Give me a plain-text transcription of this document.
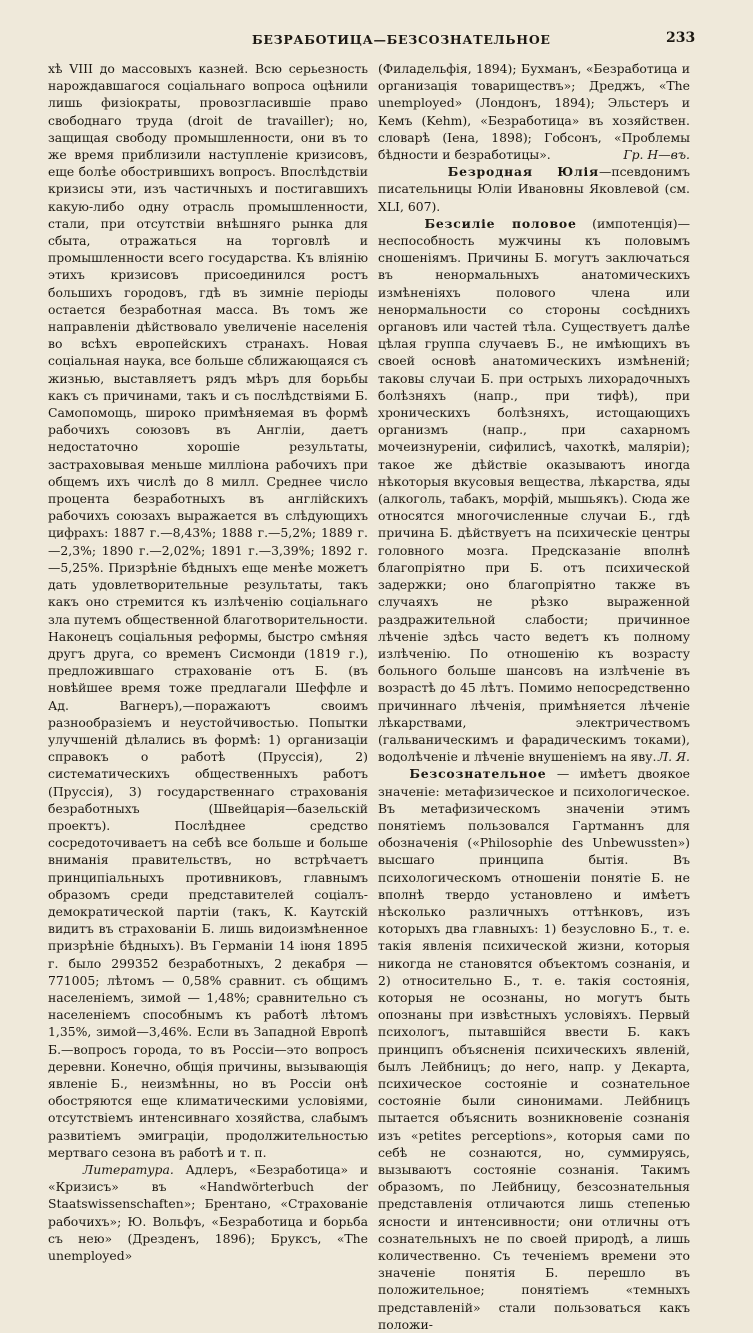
БЕЗРАБОТИЦА—БЕЗСОЗНАТЕЛЬНОЕ	233

хѣ VIII до массовыхъ казней. Всю серьезность нарождавшагося соціальнаго вопроса оцѣнили лишь физіократы, провозгласившіе право свободнаго труда (droit de travailler); но, защищая свободу промышленности, они въ то же время приблизили наступленіе кризисовъ, еще болѣе обострившихъ вопросъ. Впослѣдствіи кризисы эти, изъ частичныхъ и постигавшихъ какую-либо одну отрасль промышленности, стали, при отсутствіи внѣшняго рынка для сбыта, отражаться на торговлѣ и промышленности всего государства. Къ вліянію этихъ кризисовъ присоединился ростъ большихъ городовъ, гдѣ въ зимніе періоды остается безработная масса. Въ томъ же направленіи дѣйствовало увеличеніе населенія во всѣхъ европейскихъ странахъ. Новая соціальная наука, все больше сближающаяся съ жизнью, выставляетъ рядъ мѣръ для борьбы какъ съ причинами, такъ и съ послѣдствіями Б. Самопомощь, широко примѣняемая въ формѣ рабочихъ союзовъ въ Англіи, даетъ недостаточно хорошіе результаты, застраховывая меньше милліона рабочихъ при общемъ ихъ числѣ до 8 милл. Среднее число процента безработныхъ въ англійскихъ рабочихъ союзахъ выражается въ слѣдующихъ цифрахъ: 1887 г.—8,43%; 1888 г.—5,2%; 1889 г.—2,3%; 1890 г.—2,02%; 1891 г.—3,39%; 1892 г.—5,25%. Призрѣніе бѣдныхъ еще менѣе можетъ дать удовлетворительные результаты, такъ какъ оно стремится къ излѣченію соціальнаго зла путемъ общественной благотворительности. Наконецъ соціальныя реформы, быстро смѣняя другъ друга, со временъ Сисмонди (1819 г.), предложившаго страхованіе отъ Б. (въ новѣйшее время тоже предлагали Шеффле и Ад. Вагнеръ),—поражаютъ своимъ разнообразіемъ и неустойчивостью. Попытки улучшеній дѣлались въ формѣ: 1) организаціи справокъ о работѣ (Пруссія), 2) систематическихъ общественныхъ работъ (Пруссія), 3) государственнаго страхованія безработныхъ (Швейцарія—базельскій проектъ). Послѣднее средство сосредоточиваетъ на себѣ все больше и больше вниманія правительствъ, но встрѣчаетъ принципіальныхъ противниковъ, главнымъ образомъ среди представителей соціалъ-демократической партіи (такъ, К. Каутскій видитъ въ страхованіи Б. лишь видоизмѣненное призрѣніе бѣдныхъ). Въ Германіи 14 іюня 1895 г. было 299352 безработныхъ, 2 декабря — 771005; лѣтомъ — 0,58% сравнит. съ общимъ населеніемъ, зимой — 1,48%; сравнительно съ населеніемъ способнымъ къ работѣ лѣтомъ 1,35%, зимой—3,46%. Если въ Западной Европѣ Б.—вопросъ города, то въ Россіи—это вопросъ деревни. Конечно, общія причины, вызывающія явленіе Б., неизмѣнны, но въ Россіи онѣ обостряются еще климатическими условіями, отсутствіемъ интенсивнаго хозяйства, слабымъ развитіемъ эмиграціи, продолжительностью мертваго сезона въ работѣ и т. п.

Литература. Адлеръ, «Безработица» и «Кризисъ» въ «Handwörterbuch der Staatswissenschaften»; Брентано, «Страхованіе рабочихъ»; Ю. Вольфъ, «Безработица и борьба съ нею» (Дрезденъ, 1896); Бруксъ, «The unemployed»

(Филадельфія, 1894); Бухманъ, «Безработица и организація товариществъ»; Дреджъ, «The unemployed» (Лондонъ, 1894); Эльстеръ и Кемъ (Kehm), «Безработица» въ хозяйствен. словарѣ (Іена, 1898); Гобсонъ, «Проблемы бѣдности и безработицы».	Гр. Н—въ.

Безродная Юлія—псевдонимъ писательницы Юліи Ивановны Яковлевой (см. XLI, 607).

Безсиліе половое (импотенція)—неспособность мужчины къ половымъ сношеніямъ. Причины Б. могутъ заключаться въ ненормальныхъ анатомическихъ измѣненіяхъ полового члена или ненормальности со стороны сосѣднихъ органовъ или частей тѣла. Существуетъ далѣе цѣлая группа случаевъ Б., не имѣющихъ въ своей основѣ анатомическихъ измѣненій; таковы случаи Б. при острыхъ лихорадочныхъ болѣзняхъ (напр., при тифѣ), при хроническихъ болѣзняхъ, истощающихъ организмъ (напр., при сахарномъ мочеизнуреніи, сифилисѣ, чахоткѣ, маляріи); такое же дѣйствіе оказываютъ иногда нѣкоторыя вкусовыя вещества, лѣкарства, яды (алкоголь, табакъ, морфій, мышьякъ). Сюда же относятся многочисленные случаи Б., гдѣ причина Б. дѣйствуетъ на психическіе центры головного мозга. Предсказаніе вполнѣ благопріятно при Б. отъ психической задержки; оно благопріятно также въ случаяхъ не рѣзко выраженной раздражительной слабости; причинное лѣченіе здѣсь часто ведетъ къ полному излѣченію. По отношенію къ возрасту больного больше шансовъ на излѣченіе въ возрастѣ до 45 лѣтъ. Помимо непосредственно причиннаго лѣченія, примѣняется лѣченіе лѣкарствами, электричествомъ (гальваническимъ и фарадическимъ токами), водолѣченіе и лѣченіе внушеніемъ на яву. Л. Я.

Безсознательное — имѣетъ двоякое значеніе: метафизическое и психологическое. Въ метафизическомъ значеніи этимъ понятіемъ пользовался Гартманнъ для обозначенія («Philosophie des Unbewussten») высшаго принципа бытія. Въ психологическомъ отношеніи понятіе Б. не вполнѣ твердо установлено и имѣетъ нѣсколько различныхъ оттѣнковъ, изъ которыхъ два главныхъ: 1) безусловно Б., т. е. такія явленія психической жизни, которыя никогда не становятся объектомъ сознанія, и 2) относительно Б., т. е. такія состоянія, которыя не осознаны, но могутъ быть опознаны при извѣстныхъ условіяхъ. Первый психологъ, пытавшійся ввести Б. какъ принципъ объясненія психическихъ явленій, былъ Лейбницъ; до него, напр. у Декарта, психическое состояніе и сознательное состояніе были синонимами. Лейбницъ пытается объяснить возникновеніе сознанія изъ «petites perceptions», которыя сами по себѣ не сознаются, но, суммируясь, вызываютъ состояніе сознанія. Такимъ образомъ, по Лейбницу, безсознательныя представленія отличаются лишь степенью ясности и интенсивности; они отличны отъ сознательныхъ не по своей природѣ, а лишь количественно. Съ теченіемъ времени это значеніе понятія Б. перешло въ положительное; понятіемъ «темныхъ представленій» стали пользоваться какъ положи-
